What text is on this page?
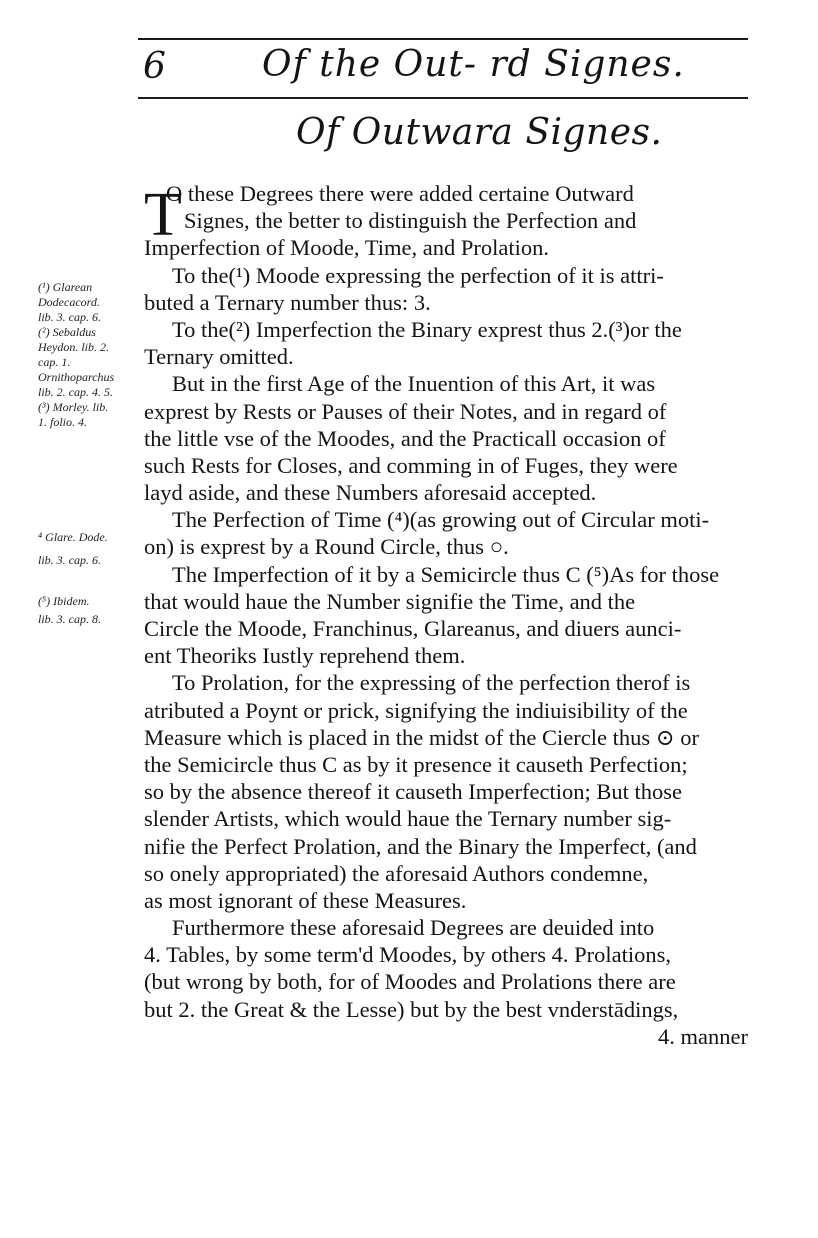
6	Of the Out‐ rd Signes.
Of Outwara Signes.
T
O these Degrees there were added certaine Outward
Signes, the better to distinguish the Perfection and
Imperfection of Moode, Time, and Prolation.
To the(¹) Moode expressing the perfection of it is attri-
buted a Ternary number thus: 3.
To the(²) Imperfection the Binary exprest thus 2.(³)or the
Ternary omitted.
But in the first Age of the Inuention of this Art, it was
exprest by Rests or Pauses of their Notes, and in regard of
the little vse of the Moodes, and the Practicall occasion of
such Rests for Closes, and comming in of Fuges, they were
layd aside, and these Numbers aforesaid accepted.
The Perfection of Time (⁴)(as growing out of Circular moti-
on) is exprest by a Round Circle, thus ○.
The Imperfection of it by a Semicircle thus С (⁵)As for those
that would haue the Number signifie the Time, and the
Circle the Moode, Franchinus, Glareanus, and diuers aunci-
ent Theoriks Iustly reprehend them.
To Prolation, for the expressing of the perfection therof is
atributed a Poynt or prick, signifying the indiuisibility of the
Measure which is placed in the midst of the Ciercle thus ⊙ or
the Semicircle thus С as by it presence it causeth Perfection;
so by the absence thereof it causeth Imperfection; But those
slender Artists, which would haue the Ternary number sig-
nifie the Perfect Prolation, and the Binary the Imperfect, (and
so onely appropriated) the aforesaid Authors condemne,
as most ignorant of these Measures.
Furthermore these aforesaid Degrees are deuided into
4. Tables, by some term'd Moodes, by others 4. Prolations,
(but wrong by both, for of Moodes and Prolations there are
but 2. the Great & the Lesse) but by the best vnderstādings,
4. manner
(¹) Glarean
Dodecacord.
lib. 3. cap. 6.
(²) Sebaldus
Heydon. lib. 2.
cap. 1.
Ornithoparchus
lib. 2. cap. 4. 5.
(³) Morley. lib.
1. folio. 4.
⁴ Glare. Dode.
lib. 3. cap. 6.
(⁵) Ibidem.
lib. 3. cap. 8.
